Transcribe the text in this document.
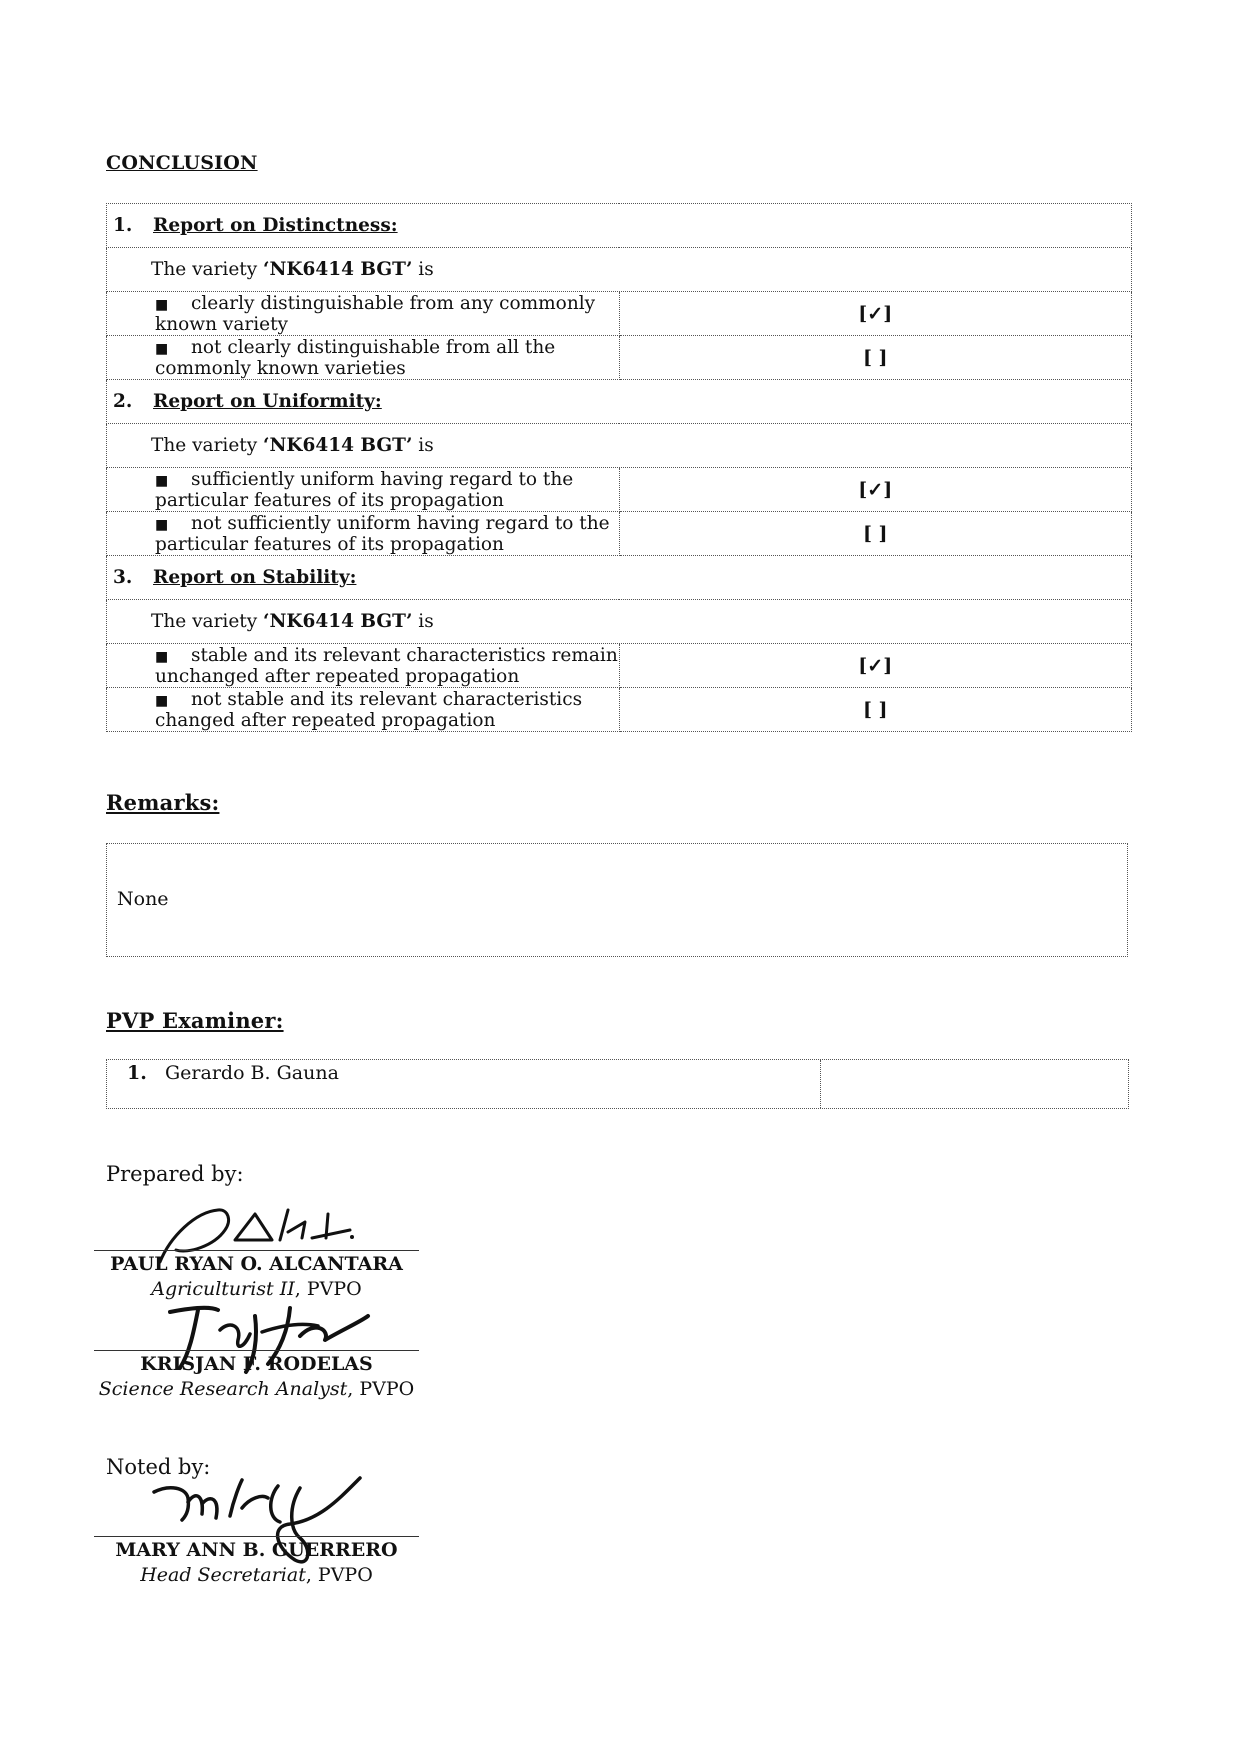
CONCLUSION
1. Report on Distinctness:	
The variety ‘NK6414 BGT’ is	
■ clearly distinguishable from any commonly known variety	[✓]
■ not clearly distinguishable from all the commonly known varieties	[ ]
2. Report on Uniformity:	
The variety ‘NK6414 BGT’ is	
■ sufficiently uniform having regard to the particular features of its propagation	[✓]
■ not sufficiently uniform having regard to the particular features of its propagation	[ ]
3. Report on Stability:	
The variety ‘NK6414 BGT’ is	
■ stable and its relevant characteristics remain unchanged after repeated propagation	[✓]
■ not stable and its relevant characteristics changed after repeated propagation	[ ]
Remarks:
None
PVP Examiner:
1. Gerardo B. Gauna
Prepared by:
PAUL RYAN O. ALCANTARA
Agriculturist II, PVPO
KRISJAN F. RODELAS
Science Research Analyst, PVPO
Noted by:
MARY ANN B. GUERRERO
Head Secretariat, PVPO
